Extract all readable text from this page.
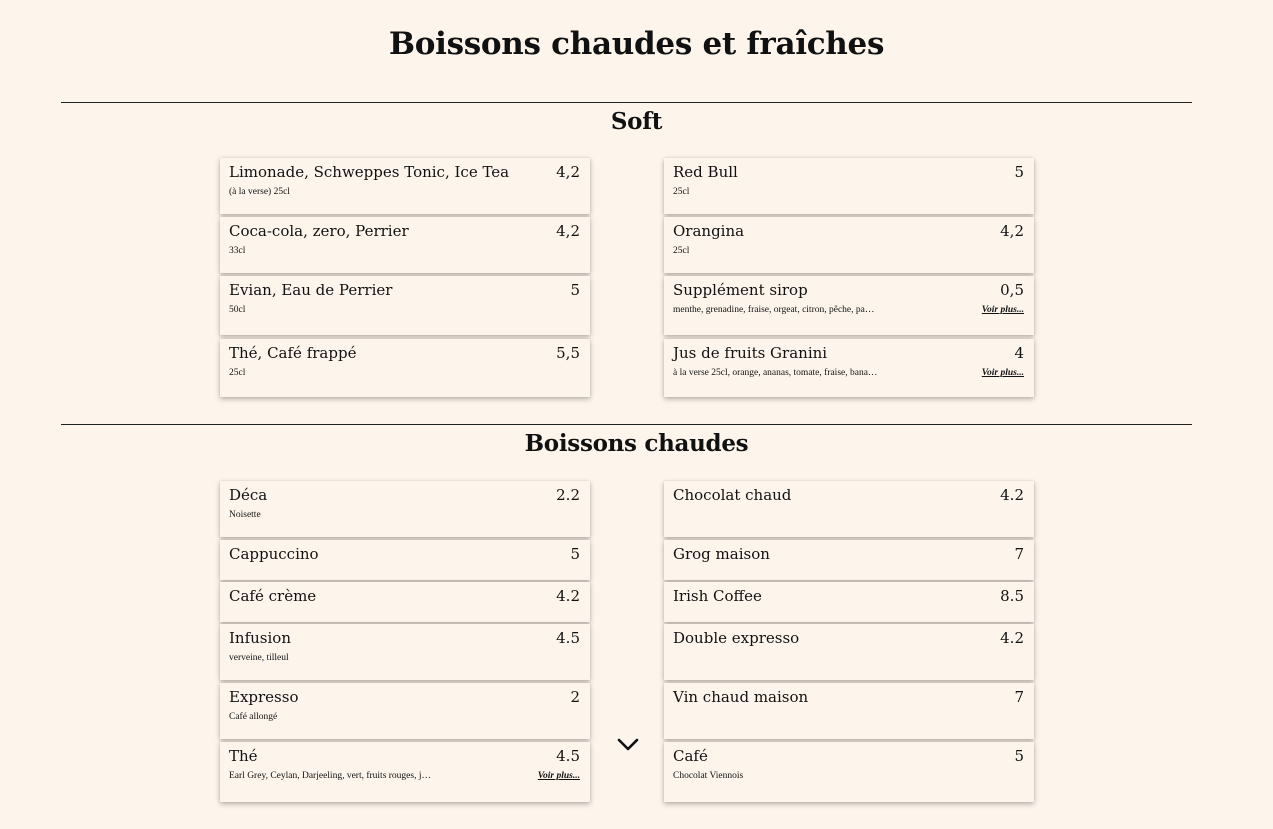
Boissons chaudes et fraîches
Soft
Limonade, Schweppes Tonic, Ice Tea	4,2
(à la verse) 25cl
Coca-cola, zero, Perrier	4,2
33cl
Evian, Eau de Perrier	5
50cl
Thé, Café frappé	5,5
25cl
Red Bull	5
25cl
Orangina	4,2
25cl
Supplément sirop	0,5
menthe, grenadine, fraise, orgeat, citron, pêche, pa…	Voir plus...
Jus de fruits Granini	4
à la verse 25cl, orange, ananas, tomate, fraise, bana…	Voir plus...
Boissons chaudes
Déca	2.2
Noisette
Cappuccino	5
Café crème	4.2
Infusion	4.5
verveine, tilleul
Expresso	2
Café allongé
Thé	4.5
Earl Grey, Ceylan, Darjeeling, vert, fruits rouges, j…	Voir plus...
Chocolat chaud	4.2
Grog maison	7
Irish Coffee	8.5
Double expresso	4.2
Vin chaud maison	7
Café	5
Chocolat Viennois
